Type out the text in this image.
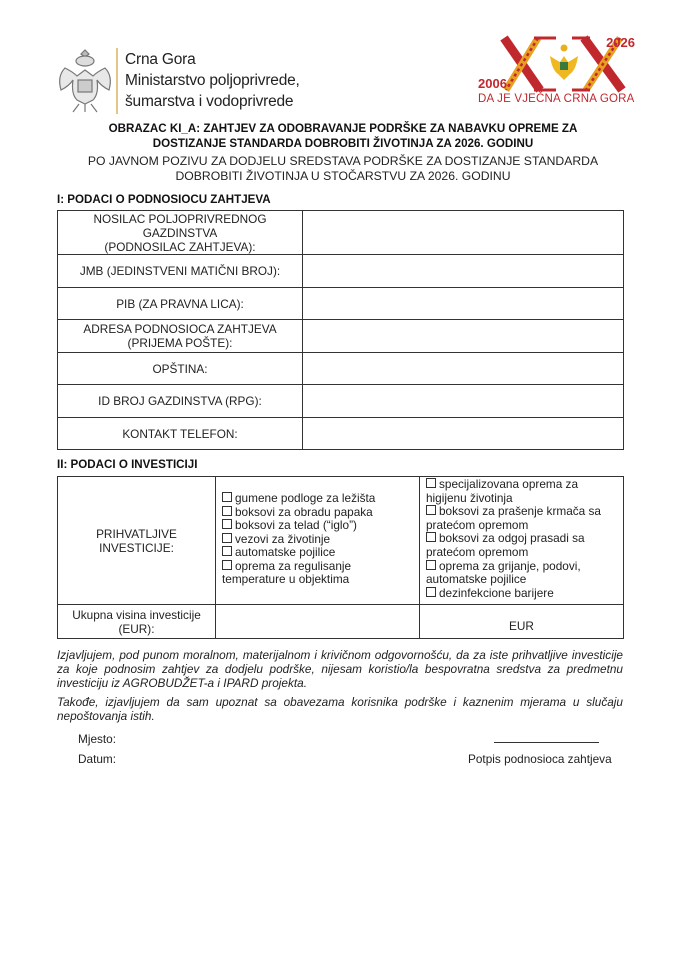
Crna Gora
Ministarstvo poljoprivrede,
šumarstva i vodoprivrede
2026
2006
DA JE VJEČNA CRNA GORA
OBRAZAC KI_A: ZAHTJEV ZA ODOBRAVANJE PODRŠKE ZA NABAVKU OPREME ZA
DOSTIZANJE STANDARDA DOBROBITI ŽIVOTINJA ZA 2026. GODINU
PO JAVNOM POZIVU ZA DODJELU SREDSTAVA PODRŠKE ZA DOSTIZANJE STANDARDA
DOBROBITI ŽIVOTINJA U STOČARSTVU ZA 2026. GODINU
I: PODACI O PODNOSIOCU ZAHTJEVA
NOSILAC POLJOPRIVREDNOG
GAZDINSTVA
(PODNOSILAC ZAHTJEVA):	

JMB (JEDINSTVENI MATIČNI BROJ):	

PIB (ZA PRAVNA LICA):	

ADRESA PODNOSIOCA ZAHTJEVA
(PRIJEMA POŠTE):	

OPŠTINA:	
ID BROJ GAZDINSTVA (RPG):	

KONTAKT TELEFON:	
II: PODACI O INVESTICIJI
PRIHVATLJIVE
INVESTICIJE:

gumene podloge za ležišta
boksovi za obradu papaka
boksovi za telad (“iglo”)
vezovi za životinje
automatske pojilice
oprema za regulisanje temperature u objektima

specijalizovana oprema za higijenu životinja
boksovi za prašenje krmača sa pratećom opremom
boksovi za odgoj prasadi sa pratećom opremom
oprema za grijanje, podovi, automatske pojilice
dezinfekcione barijere

Ukupna visina investicije
(EUR):		EUR
Izjavljujem, pod punom moralnom, materijalnom i krivičnom odgovornošću, da za iste prihvatljive investicije za koje podnosim zahtjev za dodjelu podrške, nijesam koristio/la bespovratna sredstva za predmetnu investiciju iz AGROBUDŽET-a i IPARD projekta.
Takođe, izjavljujem da sam upoznat sa obavezama korisnika podrške i kaznenim mjerama u slučaju nepoštovanja istih.
Mjesto:
Datum:	Potpis podnosioca zahtjeva
